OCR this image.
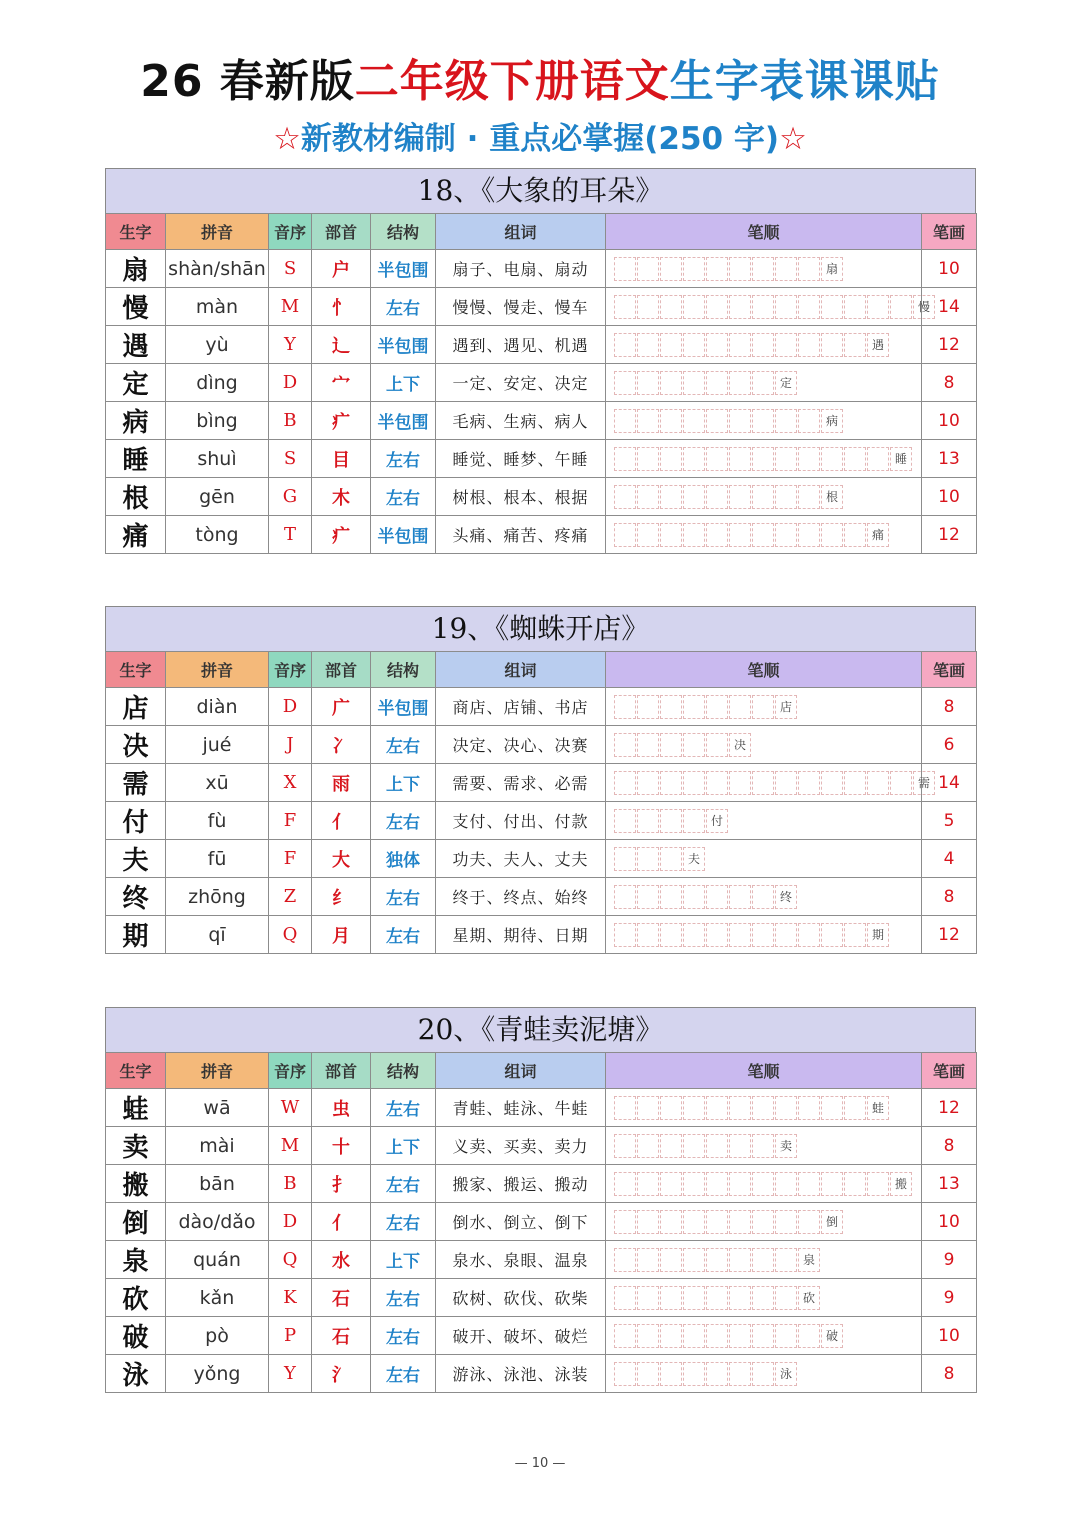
26 春新版二年级下册语文生字表课课贴
☆新教材编制 · 重点必掌握(250 字)☆
18、《大象的耳朵》
生字	拼音	音序	部首	结构	组词	笔顺	笔画
扇	shàn/shān	S	户	半包围	扇子、电扇、扇动	扇	10
慢	màn	M	忄	左右	慢慢、慢走、慢车	慢	14
遇	yù	Y	辶	半包围	遇到、遇见、机遇	遇	12
定	dìng	D	宀	上下	一定、安定、决定	定	8
病	bìng	B	疒	半包围	毛病、生病、病人	病	10
睡	shuì	S	目	左右	睡觉、睡梦、午睡	睡	13
根	gēn	G	木	左右	树根、根本、根据	根	10
痛	tòng	T	疒	半包围	头痛、痛苦、疼痛	痛	12
19、《蜘蛛开店》
生字	拼音	音序	部首	结构	组词	笔顺	笔画
店	diàn	D	广	半包围	商店、店铺、书店	店	8
决	jué	J	冫	左右	决定、决心、决赛	决	6
需	xū	X	雨	上下	需要、需求、必需	需	14
付	fù	F	亻	左右	支付、付出、付款	付	5
夫	fū	F	大	独体	功夫、夫人、丈夫	夫	4
终	zhōng	Z	纟	左右	终于、终点、始终	终	8
期	qī	Q	月	左右	星期、期待、日期	期	12
20、《青蛙卖泥塘》
生字	拼音	音序	部首	结构	组词	笔顺	笔画
蛙	wā	W	虫	左右	青蛙、蛙泳、牛蛙	蛙	12
卖	mài	M	十	上下	义卖、买卖、卖力	卖	8
搬	bān	B	扌	左右	搬家、搬运、搬动	搬	13
倒	dào/dǎo	D	亻	左右	倒水、倒立、倒下	倒	10
泉	quán	Q	水	上下	泉水、泉眼、温泉	泉	9
砍	kǎn	K	石	左右	砍树、砍伐、砍柴	砍	9
破	pò	P	石	左右	破开、破坏、破烂	破	10
泳	yǒng	Y	氵	左右	游泳、泳池、泳装	泳	8
— 10 —
